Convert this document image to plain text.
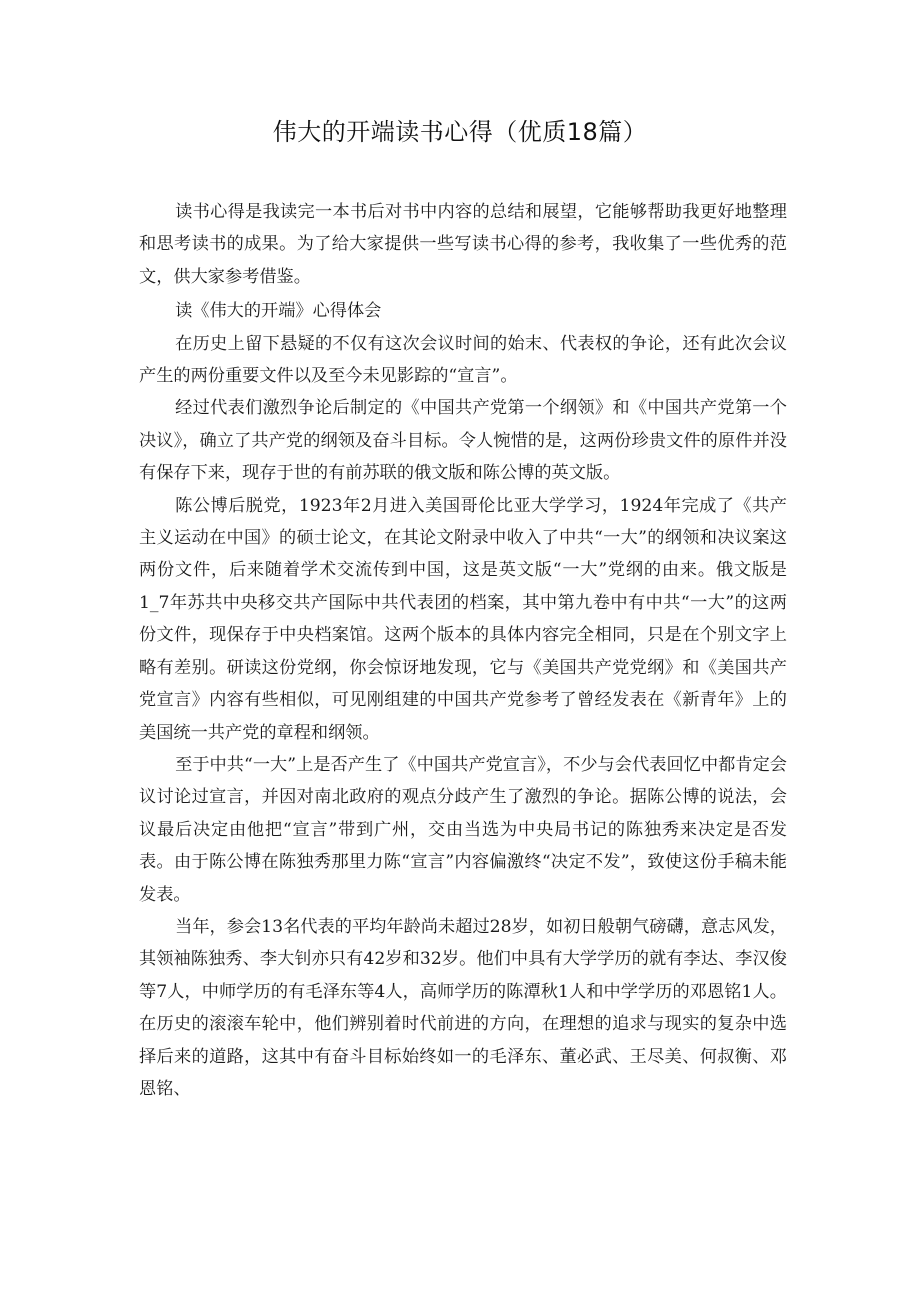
伟大的开端读书心得（优质18篇）

读书心得是我读完一本书后对书中内容的总结和展望，它能够帮助我更好地整理和思考读书的成果。为了给大家提供一些写读书心得的参考，我收集了一些优秀的范文，供大家参考借鉴。

读《伟大的开端》心得体会

在历史上留下悬疑的不仅有这次会议时间的始末、代表权的争论，还有此次会议产生的两份重要文件以及至今未见影踪的“宣言”。

经过代表们激烈争论后制定的《中国共产党第一个纲领》和《中国共产党第一个决议》，确立了共产党的纲领及奋斗目标。令人惋惜的是，这两份珍贵文件的原件并没有保存下来，现存于世的有前苏联的俄文版和陈公博的英文版。

陈公博后脱党，1923年2月进入美国哥伦比亚大学学习，1924年完成了《共产主义运动在中国》的硕士论文，在其论文附录中收入了中共“一大”的纲领和决议案这两份文件，后来随着学术交流传到中国，这是英文版“一大”党纲的由来。俄文版是1_7年苏共中央移交共产国际中共代表团的档案，其中第九卷中有中共“一大”的这两份文件，现保存于中央档案馆。这两个版本的具体内容完全相同，只是在个别文字上略有差别。研读这份党纲，你会惊讶地发现，它与《美国共产党党纲》和《美国共产党宣言》内容有些相似，可见刚组建的中国共产党参考了曾经发表在《新青年》上的美国统一共产党的章程和纲领。

至于中共“一大”上是否产生了《中国共产党宣言》，不少与会代表回忆中都肯定会议讨论过宣言，并因对南北政府的观点分歧产生了激烈的争论。据陈公博的说法，会议最后决定由他把“宣言”带到广州，交由当选为中央局书记的陈独秀来决定是否发表。由于陈公博在陈独秀那里力陈“宣言”内容偏激终“决定不发”，致使这份手稿未能发表。

当年，参会13名代表的平均年龄尚未超过28岁，如初日般朝气磅礴，意志风发，其领袖陈独秀、李大钊亦只有42岁和32岁。他们中具有大学学历的就有李达、李汉俊等7人，中师学历的有毛泽东等4人，高师学历的陈潭秋1人和中学学历的邓恩铭1人。在历史的滚滚车轮中，他们辨别着时代前进的方向，在理想的追求与现实的复杂中选择后来的道路，这其中有奋斗目标始终如一的毛泽东、董必武、王尽美、何叔衡、邓恩铭、
